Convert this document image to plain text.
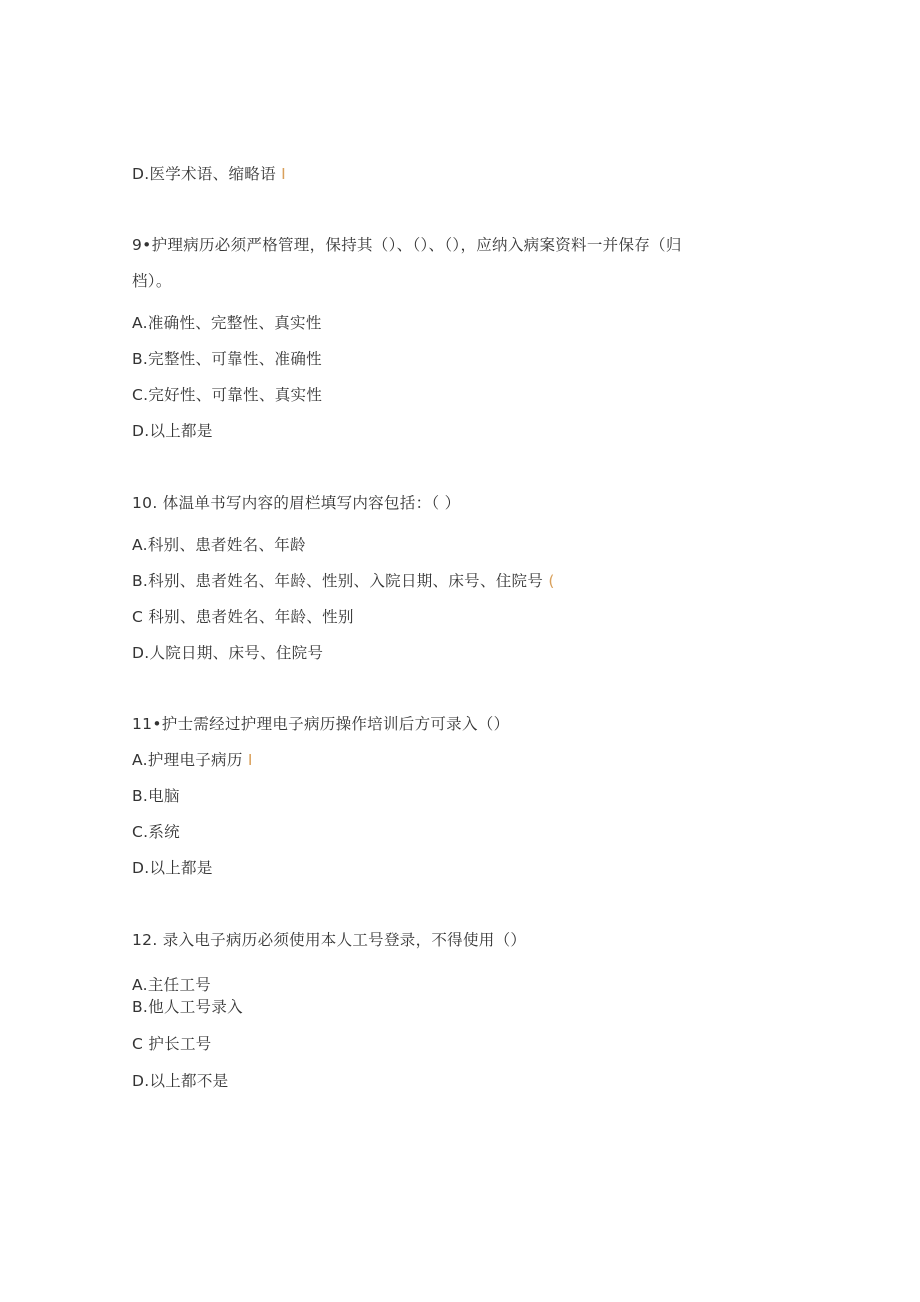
D.医学术语、缩略语 I
9•护理病历必须严格管理，保持其（）、（）、（），应纳入病案资料一并保存（归
档）。
A.准确性、完整性、真实性
B.完整性、可靠性、准确性
C.完好性、可靠性、真实性
D.以上都是
10. 体温单书写内容的眉栏填写内容包括：（ ）
A.科别、患者姓名、年龄
B.科别、患者姓名、年龄、性别、入院日期、床号、住院号 (
C 科别、患者姓名、年龄、性别
D.人院日期、床号、住院号
11•护士需经过护理电子病历操作培训后方可录入（）
A.护理电子病历 I
B.电脑
C.系统
D.以上都是
12. 录入电子病历必须使用本人工号登录，不得使用（）
A.主任工号
B.他人工号录入
C 护长工号
D.以上都不是
